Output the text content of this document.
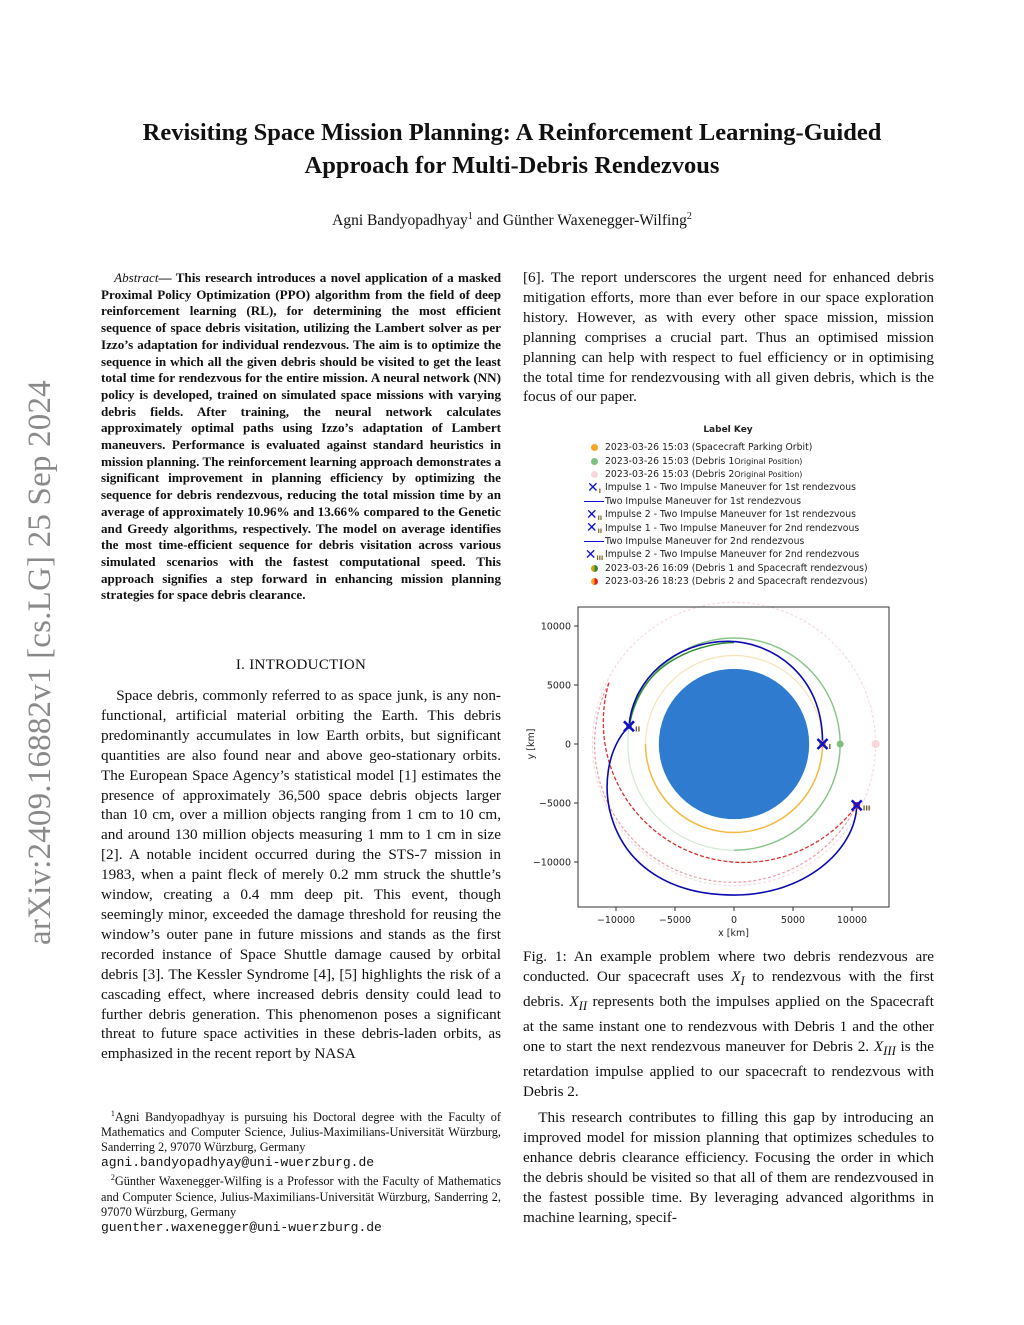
arXiv:2409.16882v1 [cs.LG] 25 Sep 2024
Revisiting Space Mission Planning: A Reinforcement Learning-Guided
Approach for Multi-Debris Rendezvous
Agni Bandyopadhyay$^1$ and Günther Waxenegger-Wilfing$^2$
Abstract— This research introduces a novel application of a masked Proximal Policy Optimization (PPO) algorithm from the field of deep reinforcement learning (RL), for determining the most efficient sequence of space debris visitation, utilizing the Lambert solver as per Izzo’s adaptation for individual rendezvous. The aim is to optimize the sequence in which all the given debris should be visited to get the least total time for rendezvous for the entire mission. A neural network (NN) policy is developed, trained on simulated space missions with varying debris fields. After training, the neural network calculates approximately optimal paths using Izzo’s adaptation of Lambert maneuvers. Performance is evaluated against standard heuristics in mission planning. The reinforcement learning approach demonstrates a significant improvement in planning efficiency by optimizing the sequence for debris rendezvous, reducing the total mission time by an average of approximately 10.96% and 13.66% compared to the Genetic and Greedy algorithms, respectively. The model on average identifies the most time-efficient sequence for debris visitation across various simulated scenarios with the fastest computational speed. This approach signifies a step forward in enhancing mission planning strategies for space debris clearance.
I. INTRODUCTION
Space debris, commonly referred to as space junk, is any non-functional, artificial material orbiting the Earth. This debris predominantly accumulates in low Earth orbits, but significant quantities are also found near and above geo-stationary orbits. The European Space Agency’s statistical model [1] estimates the presence of approximately 36,500 space debris objects larger than 10 cm, over a million objects ranging from 1 cm to 10 cm, and around 130 million objects measuring 1 mm to 1 cm in size [2]. A notable incident occurred during the STS-7 mission in 1983, when a paint fleck of merely 0.2 mm struck the shuttle’s window, creating a 0.4 mm deep pit. This event, though seemingly minor, exceeded the damage threshold for reusing the window’s outer pane in future missions and stands as the first recorded instance of Space Shuttle damage caused by orbital debris [3]. The Kessler Syndrome [4], [5] highlights the risk of a cascading effect, where increased debris density could lead to further debris generation. This phenomenon poses a significant threat to future space activities in these debris-laden orbits, as emphasized in the recent report by NASA

$^1$Agni Bandyopadhyay is pursuing his Doctoral degree with the Faculty of Mathematics and Computer Science, Julius-Maximilians-Universität Würzburg, Sanderring 2, 97070 Würzburg, Germany
agni.bandyopadhyay@uni-wuerzburg.de

$^2$Günther Waxenegger-Wilfing is a Professor with the Faculty of Mathematics and Computer Science, Julius-Maximilians-Universität Würzburg, Sanderring 2, 97070 Würzburg, Germany
guenther.waxenegger@uni-wuerzburg.de

[6]. The report underscores the urgent need for enhanced debris mitigation efforts, more than ever before in our space exploration history. However, as with every other space mission, mission planning comprises a crucial part. Thus an optimised mission planning can help with respect to fuel efficiency or in optimising the total time for rendezvousing with all given debris, which is the focus of our paper.
Label Key
2023-03-26 15:03 (Spacecraft Parking Orbit)
2023-03-26 15:03 (Debris 1 Original Position)
2023-03-26 15:03 (Debris 2 Original Position)
✕ I Impulse 1 - Two Impulse Maneuver for 1st rendezvous
Two Impulse Maneuver for 1st rendezvous
✕ II Impulse 2 - Two Impulse Maneuver for 1st rendezvous
✕ II Impulse 1 - Two Impulse Maneuver for 2nd rendezvous
Two Impulse Maneuver for 2nd rendezvous
✕ III Impulse 2 - Two Impulse Maneuver for 2nd rendezvous
2023-03-26 16:09 (Debris 1 and Spacecraft rendezvous)
2023-03-26 18:23 (Debris 2 and Spacecraft rendezvous)
I
II
III
−10000	−5000	0	5000	10000
10000
5000
0
−5000
−10000
x [km]
y [km]
Fig. 1: An example problem where two debris rendezvous are conducted. Our spacecraft uses $X_I$ to rendezvous with the first debris. $X_{II}$ represents both the impulses applied on the Spacecraft at the same instant one to rendezvous with Debris 1 and the other one to start the next rendezvous maneuver for Debris 2. $X_{III}$ is the retardation impulse applied to our spacecraft to rendezvous with Debris 2.
This research contributes to filling this gap by introducing an improved model for mission planning that optimizes schedules to enhance debris clearance efficiency. Focusing the order in which the debris should be visited so that all of them are rendezvoused in the fastest possible time. By leveraging advanced algorithms in machine learning, specif-
